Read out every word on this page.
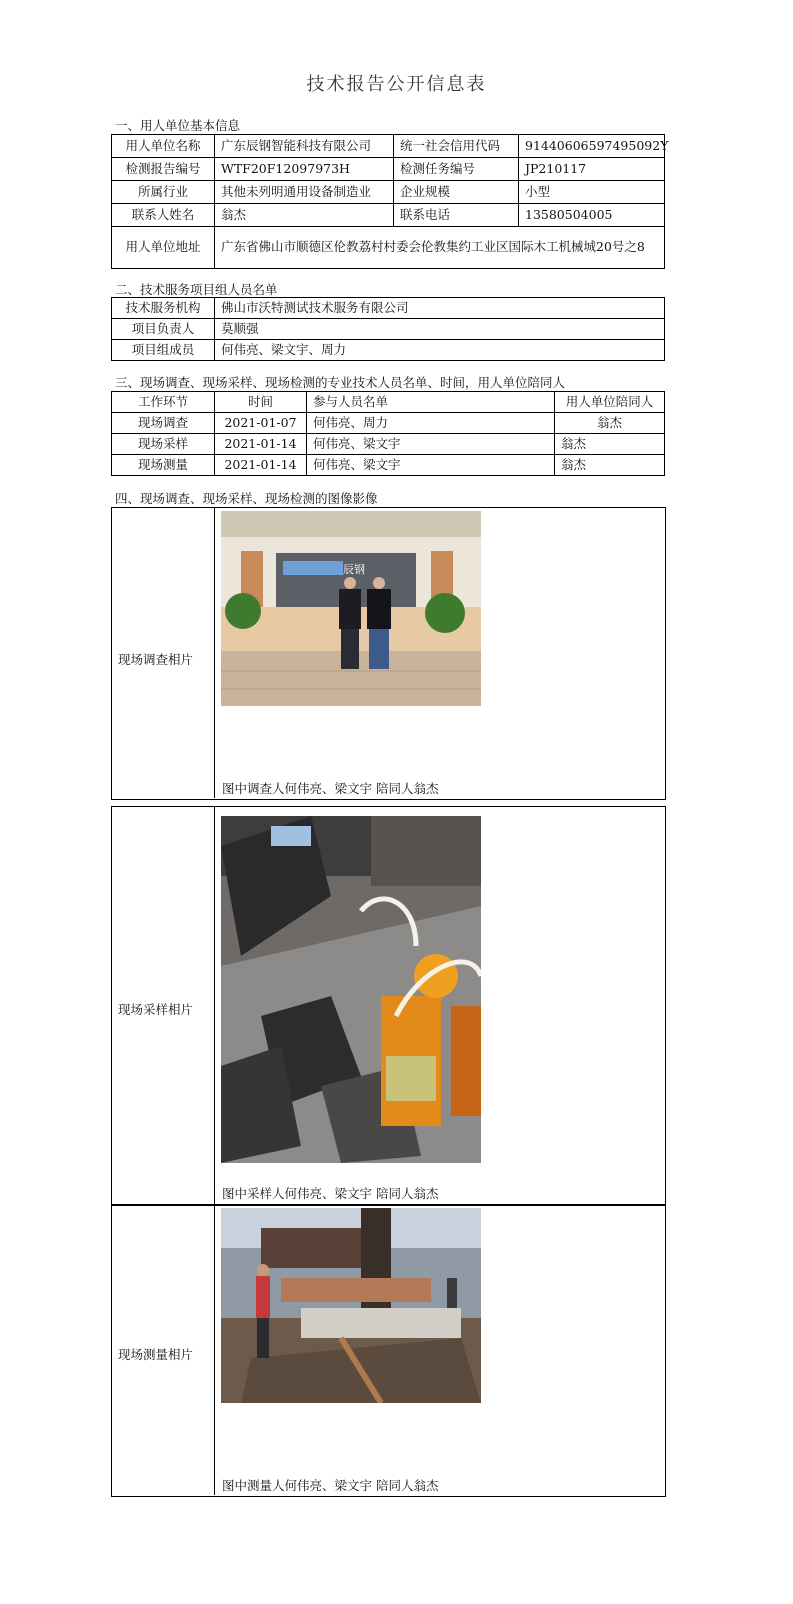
技术报告公开信息表
一、用人单位基本信息
用人单位名称	广东辰钢智能科技有限公司	统一社会信用代码	91440606597495092Y
检测报告编号	WTF20F12097973H	检测任务编号	JP210117
所属行业	其他未列明通用设备制造业	企业规模	小型
联系人姓名	翁杰	联系电话	13580504005
用人单位地址	广东省佛山市顺德区伦教荔村村委会伦教集约工业区国际木工机械城20号之8		
二、技术服务项目组人员名单
技术服务机构	佛山市沃特测试技术服务有限公司
项目负责人	莫顺强
项目组成员	何伟亮、梁文宇、周力
三、现场调查、现场采样、现场检测的专业技术人员名单、时间，用人单位陪同人
工作环节	时间	参与人员名单	用人单位陪同人
现场调查	2021-01-07	何伟亮、周力	翁杰
现场采样	2021-01-14	何伟亮、梁文宇	翁杰
现场测量	2021-01-14	何伟亮、梁文宇	翁杰
四、现场调查、现场采样、现场检测的图像影像
现场调查相片
辰钢
图中调查人何伟亮、梁文宇 陪同人翁杰
现场采样相片
图中采样人何伟亮、梁文宇 陪同人翁杰
现场测量相片
图中测量人何伟亮、梁文宇 陪同人翁杰
